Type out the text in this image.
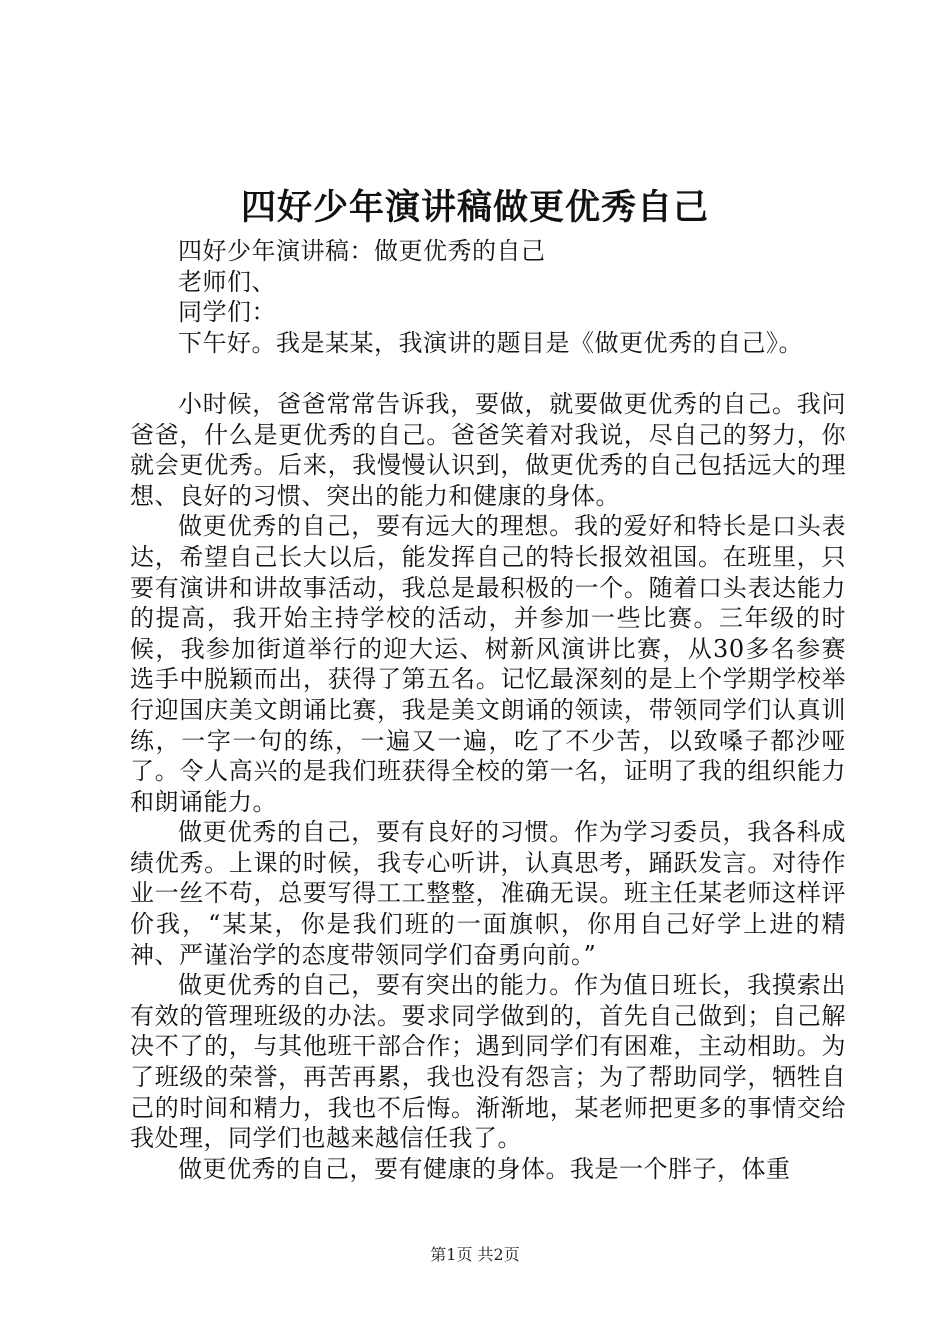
四好少年演讲稿做更优秀自己

四好少年演讲稿：做更优秀的自己

老师们、

同学们：

下午好。我是某某，我演讲的题目是《做更优秀的自己》。

小时候，爸爸常常告诉我，要做，就要做更优秀的自己。我问爸爸，什么是更优秀的自己。爸爸笑着对我说，尽自己的努力，你就会更优秀。后来，我慢慢认识到，做更优秀的自己包括远大的理想、良好的习惯、突出的能力和健康的身体。

做更优秀的自己，要有远大的理想。我的爱好和特长是口头表达，希望自己长大以后，能发挥自己的特长报效祖国。在班里，只要有演讲和讲故事活动，我总是最积极的一个。随着口头表达能力的提高，我开始主持学校的活动，并参加一些比赛。三年级的时候，我参加街道举行的迎大运、树新风演讲比赛，从30多名参赛选手中脱颖而出，获得了第五名。记忆最深刻的是上个学期学校举行迎国庆美文朗诵比赛，我是美文朗诵的领读，带领同学们认真训练，一字一句的练，一遍又一遍，吃了不少苦，以致嗓子都沙哑了。令人高兴的是我们班获得全校的第一名，证明了我的组织能力和朗诵能力。

做更优秀的自己，要有良好的习惯。作为学习委员，我各科成绩优秀。上课的时候，我专心听讲，认真思考，踊跃发言。对待作业一丝不苟，总要写得工工整整，准确无误。班主任某老师这样评价我，“某某，你是我们班的一面旗帜，你用自己好学上进的精神、严谨治学的态度带领同学们奋勇向前。”

做更优秀的自己，要有突出的能力。作为值日班长，我摸索出有效的管理班级的办法。要求同学做到的，首先自己做到；自己解决不了的，与其他班干部合作；遇到同学们有困难，主动相助。为了班级的荣誉，再苦再累，我也没有怨言；为了帮助同学，牺牲自己的时间和精力，我也不后悔。渐渐地，某老师把更多的事情交给我处理，同学们也越来越信任我了。

做更优秀的自己，要有健康的身体。我是一个胖子，体重

第1页 共2页
